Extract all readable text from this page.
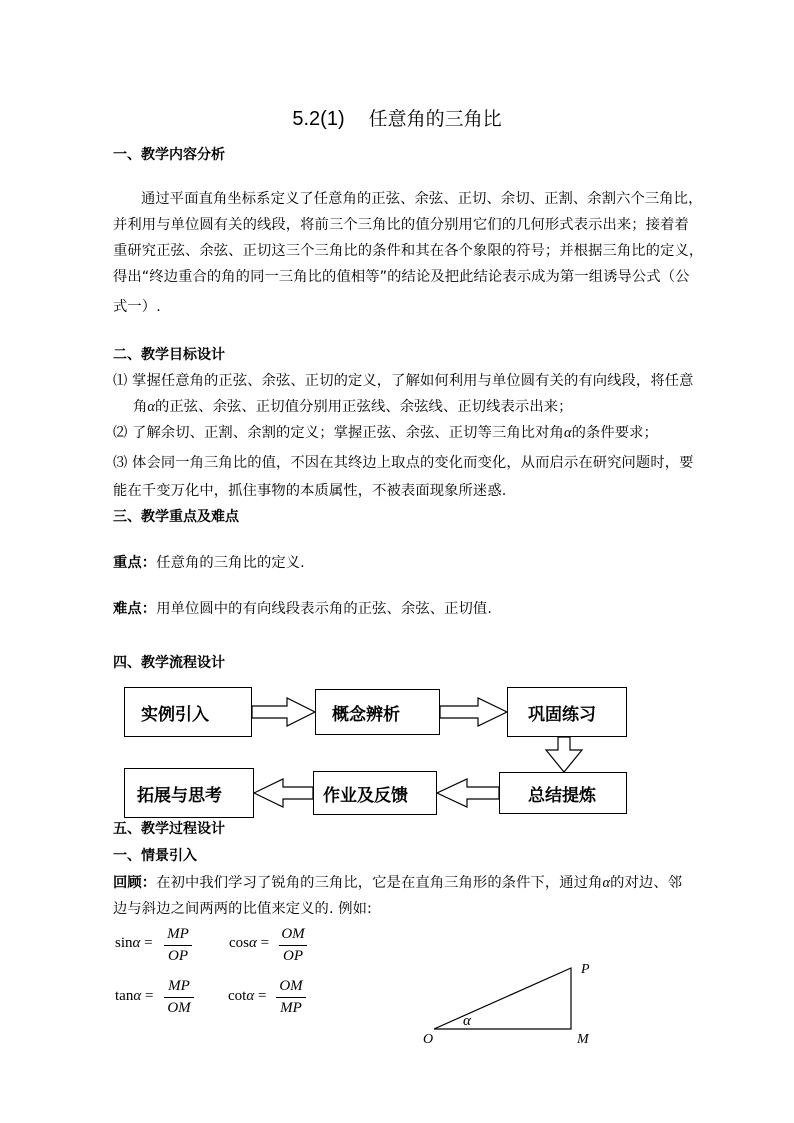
5.2(1) 任意角的三角比
一、教学内容分析
通过平面直角坐标系定义了任意角的正弦、余弦、正切、余切、正割、余割六个三角比，
并利用与单位圆有关的线段，将前三个三角比的值分别用它们的几何形式表示出来；接着着
重研究正弦、余弦、正切这三个三角比的条件和其在各个象限的符号；并根据三角比的定义，
得出“终边重合的角的同一三角比的值相等”的结论及把此结论表示成为第一组诱导公式（公
式一）.
二、教学目标设计
⑴ 掌握任意角的正弦、余弦、正切的定义，了解如何利用与单位圆有关的有向线段，将任意
角α的正弦、余弦、正切值分别用正弦线、余弦线、正切线表示出来；
⑵ 了解余切、正割、余割的定义；掌握正弦、余弦、正切等三角比对角α的条件要求；
⑶ 体会同一角三角比的值，不因在其终边上取点的变化而变化，从而启示在研究问题时，要
能在千变万化中，抓住事物的本质属性，不被表面现象所迷惑.
三、教学重点及难点
重点：任意角的三角比的定义.
难点：用单位圆中的有向线段表示角的正弦、余弦、正切值.
四、教学流程设计
实例引入	概念辨析	巩固练习
总结提炼
作业及反馈
拓展与思考
五、教学过程设计
一、情景引入
回顾：在初中我们学习了锐角的三角比，它是在直角三角形的条件下，通过角α的对边、邻
边与斜边之间两两的比值来定义的. 例如:
sinα =
MP
OP
cosα =
OM
OP
tanα =
MP
OM
cotα =
OM
MP
O	M
P
α
